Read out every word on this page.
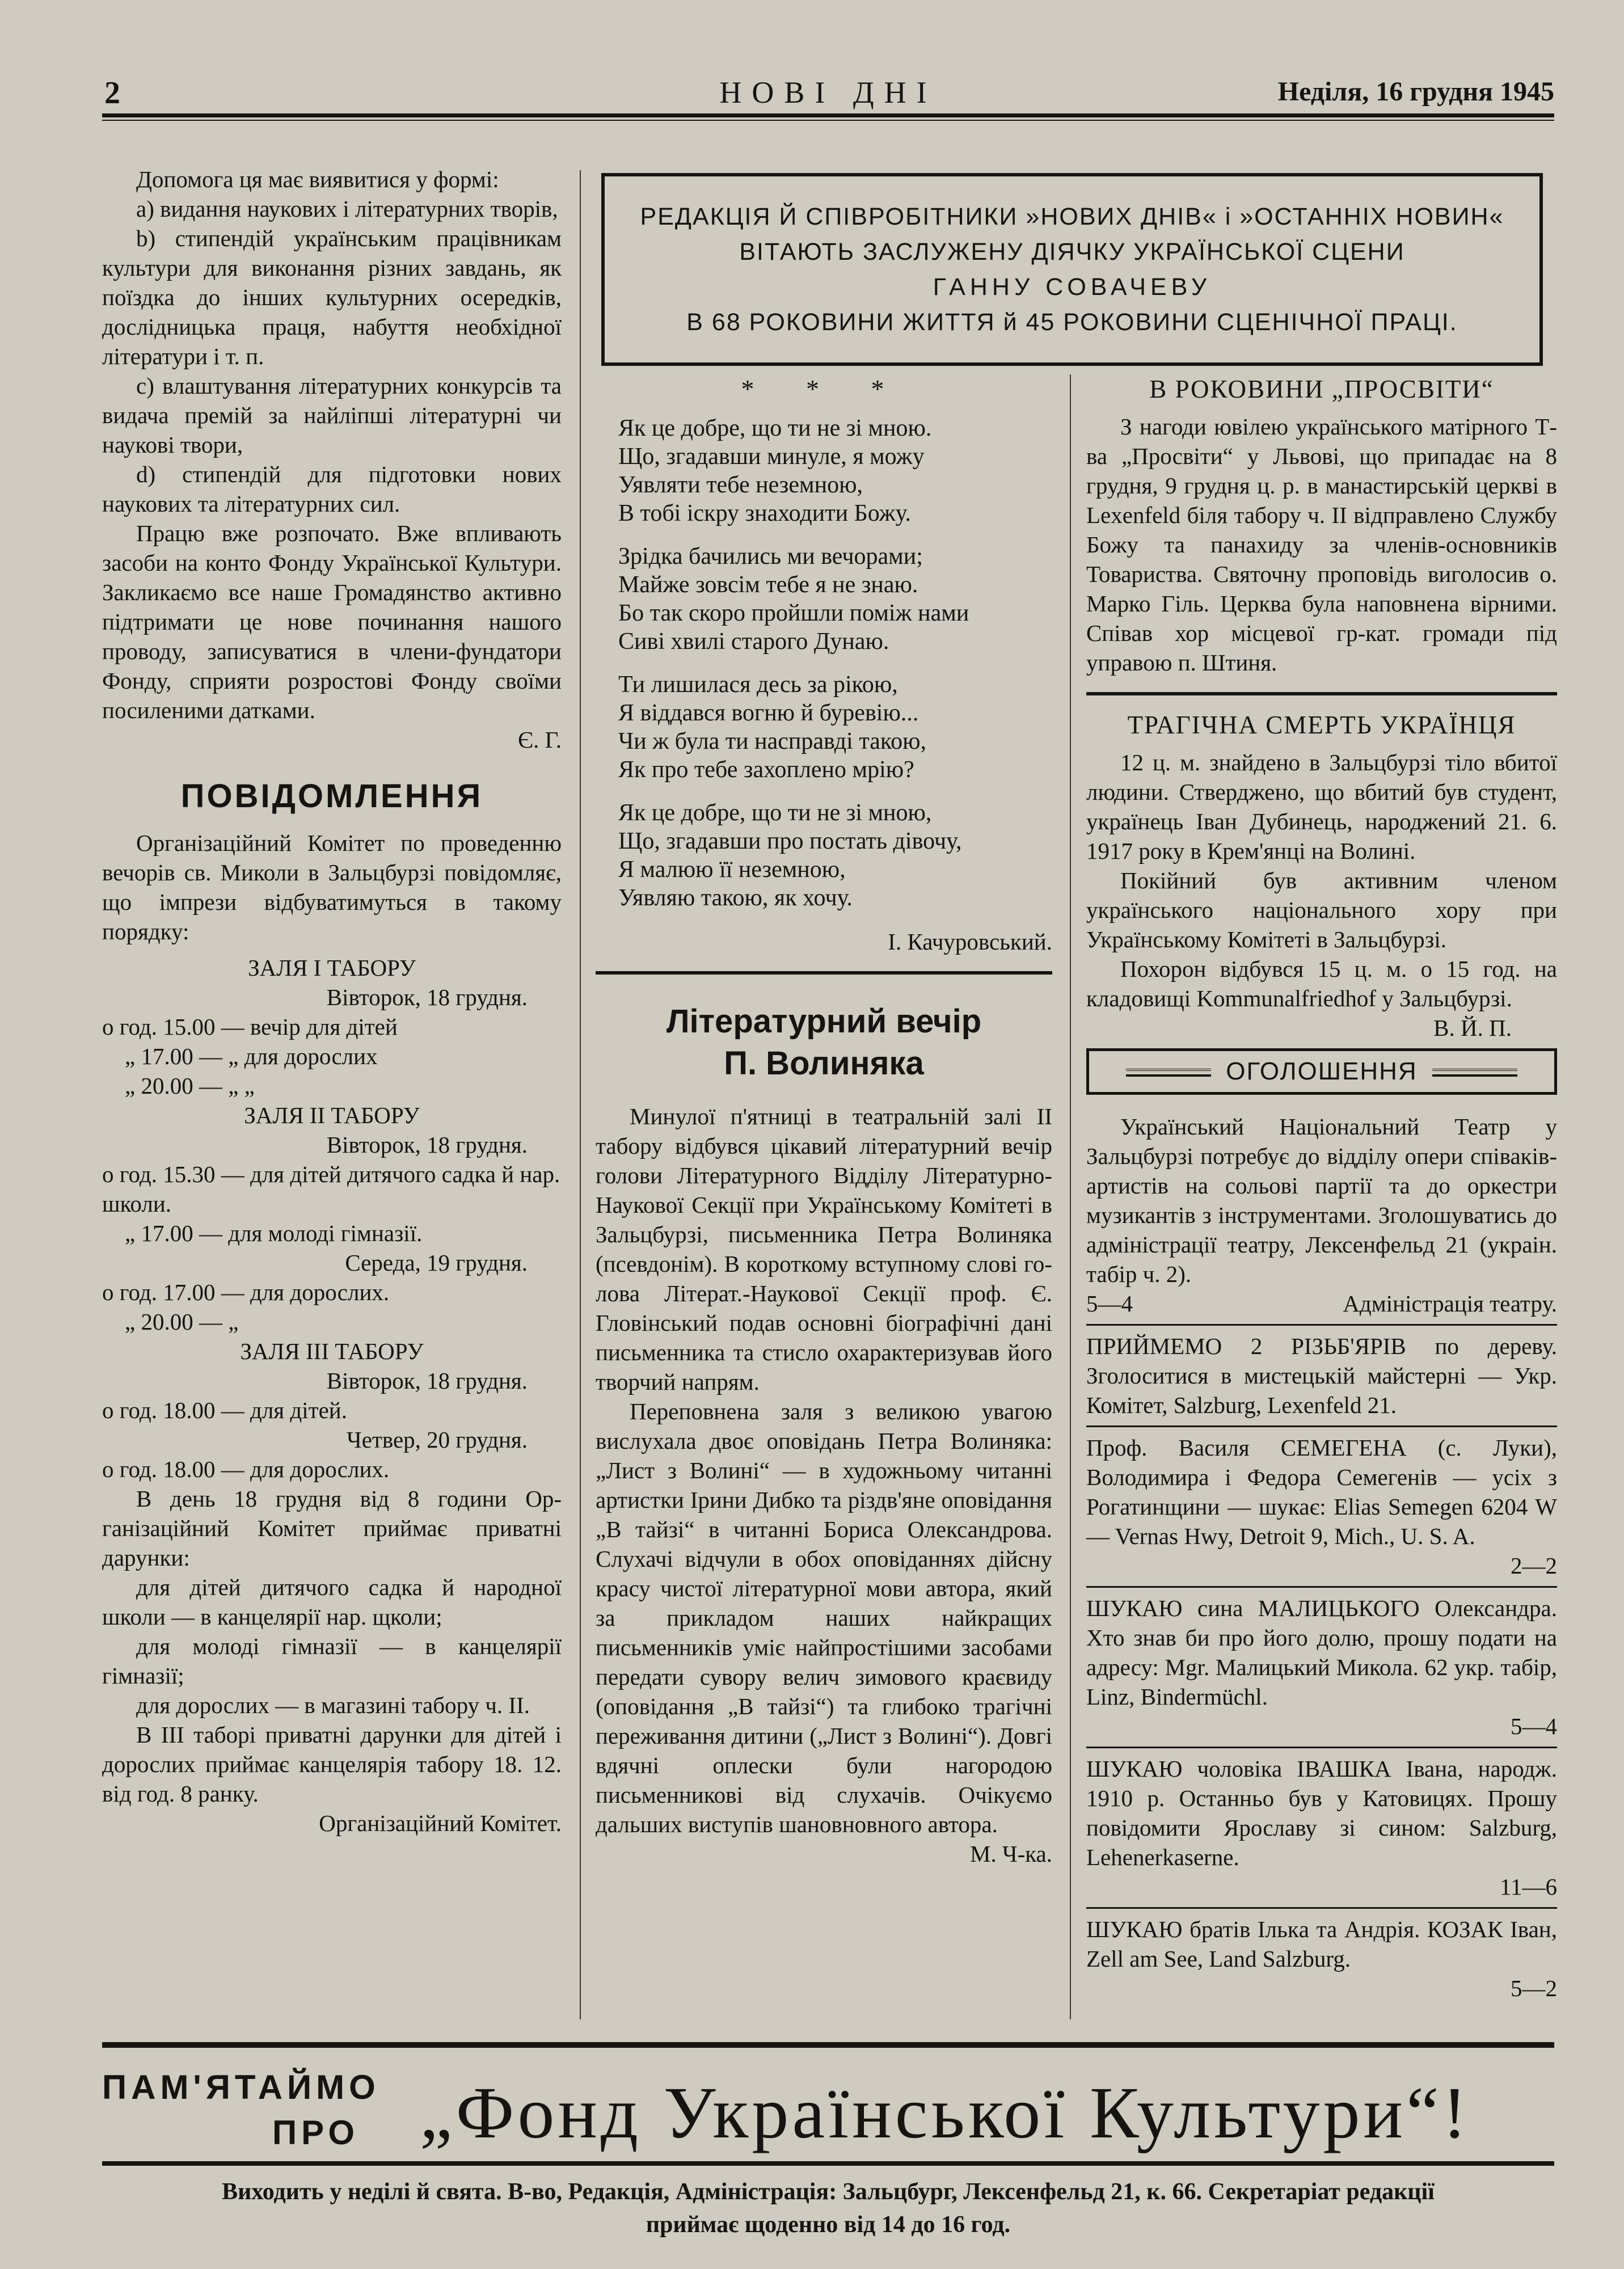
2	НОВІ ДНІ	Неділя, 16 грудня 1945

Допомога ця має виявитися у формі:

a) видання наукових і літературних творів,

b) стипендій українським працівникам культури для виконання різних завдань, як поїздка до інших культурних осередків, дослідницька праця, набуття необхідної літератури і т. п.

c) влаштування літературних конкурсів та видача премій за найліпші літературні чи наукові твори,

d) стипендій для підготовки нових наукових та літературних сил.

Працю вже розпочато. Вже впливають засоби на конто Фонду Української Культури. Закликаємо все наше Громадянство активно підтримати це нове починання нашого проводу, записуватися в члени-фундатори Фонду, сприяти розростові Фонду своїми посиленими датками.

Є. Г.

ПОВІДОМЛЕННЯ

Організаційний Комітет по проведенню вечорів св. Миколи в Зальцбурзі повідомляє, що імпрези відбуватимуться в такому порядку:

ЗАЛЯ І ТАБОРУ

Вівторок, 18 грудня.

о год. 15.00 — вечір для дітей

„ 17.00 — „ для дорослих

„ 20.00 — „ „

ЗАЛЯ II ТАБОРУ

Вівторок, 18 грудня.

о год. 15.30 — для дітей дитячого садка й нар. школи.

„ 17.00 — для молоді гімназії.

Середа, 19 грудня.

о год. 17.00 — для дорослих.

„ 20.00 — „

ЗАЛЯ III ТАБОРУ

Вівторок, 18 грудня.

о год. 18.00 — для дітей.

Четвер, 20 грудня.

о год. 18.00 — для дорослих.

В день 18 грудня від 8 години Організаційний Комітет приймає приватні дарунки:

для дітей дитячого садка й народної школи — в канцелярії нар. щколи;

для молоді гімназії — в канцелярії гімназії;

для дорослих — в магазині табору ч. II.

В III таборі приватні дарунки для дітей і дорослих приймає канцелярія табору 18. 12. від год. 8 ранку.

Організаційний Комітет.

РЕДАКЦІЯ Й СПІВРОБІТНИКИ »НОВИХ ДНІВ« і »ОСТАННІХ НОВИН«
ВІТАЮТЬ ЗАСЛУЖЕНУ ДІЯЧКУ УКРАЇНСЬКОЇ СЦЕНИ
ГАННУ СОВАЧЕВУ
В 68 РОКОВИНИ ЖИТТЯ й 45 РОКОВИНИ СЦЕНІЧНОЇ ПРАЦІ.
* * *

Як це добре, що ти не зі мною.

Що, згадавши минуле, я можу

Уявляти тебе неземною,

В тобі іскру знаходити Божу.

Зрідка бачились ми вечорами;

Майже зовсім тебе я не знаю.

Бо так скоро пройшли поміж нами

Сиві хвилі старого Дунаю.

Ти лишилася десь за рікою,

Я віддався вогню й буревію...

Чи ж була ти насправді такою,

Як про тебе захоплено мрію?

Як це добре, що ти не зі мною,

Що, згадавши про постать дівочу,

Я малюю її неземною,

Уявляю такою, як хочу.

І. Качуровський.

Літературний вечір
П. Волиняка

Минулої п'ятниці в театральній залі II табору відбувся цікавий літературний вечір голови Літературного Відділу Літературно-Наукової Секції при Українському Комітеті в Зальцбурзі, письменника Петра Волиняка (псевдонім). В короткому вступному слові голова Літерат.-Наукової Секції проф. Є. Гловінський подав основні біографічні дані письменника та стисло охарактеризував його творчий напрям.

Переповнена заля з великою увагою вислухала двоє оповідань Петра Волиняка: „Лист з Волині“ — в художньому читанні артистки Ірини Дибко та різдв'яне оповідання „В тайзі“ в читанні Бориса Олександрова. Слухачі відчули в обох оповіданнях дійсну красу чистої літературної мови автора, який за прикладом наших найкращих письменників уміє найпростішими засобами передати сувору велич зимового краєвиду (оповідання „В тайзі“) та глибоко трагічні переживання дитини („Лист з Волині“). Довгі вдячні оплeски були нагородою письменникові від слухачів. Очікуємо дальших виступів шановновного автора.

М. Ч-ка.

В РОКОВИНИ „ПРОСВІТИ“

З нагоди ювілею українського матірного Т-ва „Просвіти“ у Львові, що припадає на 8 грудня, 9 грудня ц. р. в манастирській церкві в Lexenfeld біля табору ч. II відправлено Службу Божу та панахиду за членів-основників Товариства. Святочну проповідь виголосив о. Марко Гіль. Церква була наповнена вірними. Співав хор місцевої гр-кат. громади під управою п. Штиня.

ТРАГІЧНА СМЕРТЬ УКРАЇНЦЯ

12 ц. м. знайдено в Зальцбурзі тіло вбитої людини. Стверджено, що вбитий був студент, українець Іван Дубинець, народжений 21. 6. 1917 року в Крем'янці на Волині.

Покійний був активним членом українського національного хору при Українському Комітеті в Зальцбурзі.

Похорон відбувся 15 ц. м. о 15 год. на кладовищі Kommunalfriedhof у Зальцбурзі.

В. Й. П.

ОГОЛОШЕННЯ

Український Національний Театр у Зальцбурзі потребує до відділу опери співаків-артистів на сольові партії та до оркестри музикантів з інструментами. Зголошуватись до адміністрації театру, Лексенфельд 21 (украін. табір ч. 2).

5—4	Адміністрація театру.

ПРИЙМЕМО 2 РІЗЬБ'ЯРІВ по дереву. Зголоситися в мистецькій майстерні — Укр. Комітет, Salzburg, Lexenfeld 21.

Проф. Василя СЕМЕГЕНА (с. Луки), Володимира і Федора Семегенів — усіх з Рогатинщини — шукає: Elias Semegen 6204 W — Vernas Hwy, Detroit 9, Mich., U. S. A.

2—2

ШУКАЮ сина МАЛИЦЬКОГО Олександра. Хто знав би про його долю, прошу подати на адресу: Mgr. Малицький Микола. 62 укр. табір, Linz, Bindermüchl.

5—4

ШУКАЮ чоловіка ІВАШКА Івана, народж. 1910 р. Останньо був у Катовицях. Прошу повідомити Ярославу зі сином: Salzburg, Lehenerkaserne.

11—6

ШУКАЮ братів Ількa та Андрія. КОЗАК Іван, Zell am See, Land Salzburg.

5—2

ПАМ'ЯТАЙМО
ПРО „Фонд Української Культури“!
Виходить у неділі й свята. В-во, Редакція, Адміністрація: Зальцбург, Лексенфельд 21, к. 66. Секретаріат редакції
приймає щоденно від 14 до 16 год.
